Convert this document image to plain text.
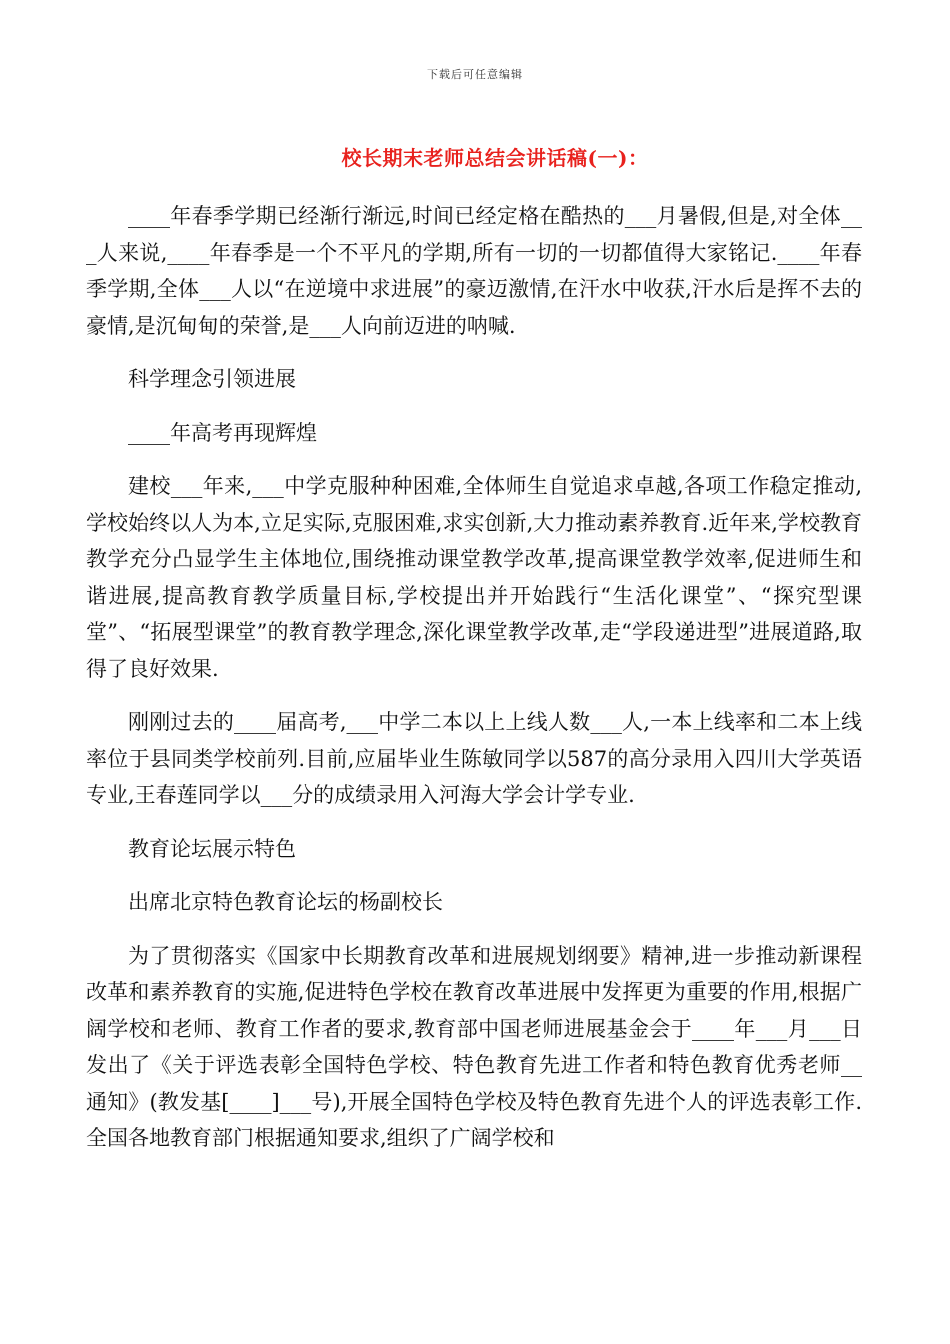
下载后可任意编辑
校长期末老师总结会讲话稿(一)：

____年春季学期已经渐行渐远,时间已经定格在酷热的___月暑假,但是,对全体___人来说,____年春季是一个不平凡的学期,所有一切的一切都值得大家铭记.____年春季学期,全体___人以“在逆境中求进展”的豪迈激情,在汗水中收获,汗水后是挥不去的豪情,是沉甸甸的荣誉,是___人向前迈进的呐喊.

科学理念引领进展

____年高考再现辉煌

建校___年来,___中学克服种种困难,全体师生自觉追求卓越,各项工作稳定推动,学校始终以人为本,立足实际,克服困难,求实创新,大力推动素养教育.近年来,学校教育教学充分凸显学生主体地位,围绕推动课堂教学改革,提高课堂教学效率,促进师生和谐进展,提高教育教学质量目标,学校提出并开始践行“生活化课堂”、“探究型课堂”、“拓展型课堂”的教育教学理念,深化课堂教学改革,走“学段递进型”进展道路,取得了良好效果.

刚刚过去的____届高考,___中学二本以上上线人数___人,一本上线率和二本上线率位于县同类学校前列.目前,应届毕业生陈敏同学以587的高分录用入四川大学英语专业,王春莲同学以___分的成绩录用入河海大学会计学专业.

教育论坛展示特色

出席北京特色教育论坛的杨副校长

为了贯彻落实《国家中长期教育改革和进展规划纲要》精神,进一步推动新课程改革和素养教育的实施,促进特色学校在教育改革进展中发挥更为重要的作用,根据广阔学校和老师、教育工作者的要求,教育部中国老师进展基金会于____年___月___日发出了《关于评选表彰全国特色学校、特色教育先进工作者和特色教育优秀老师__通知》(教发基[____]___号),开展全国特色学校及特色教育先进个人的评选表彰工作.全国各地教育部门根据通知要求,组织了广阔学校和
